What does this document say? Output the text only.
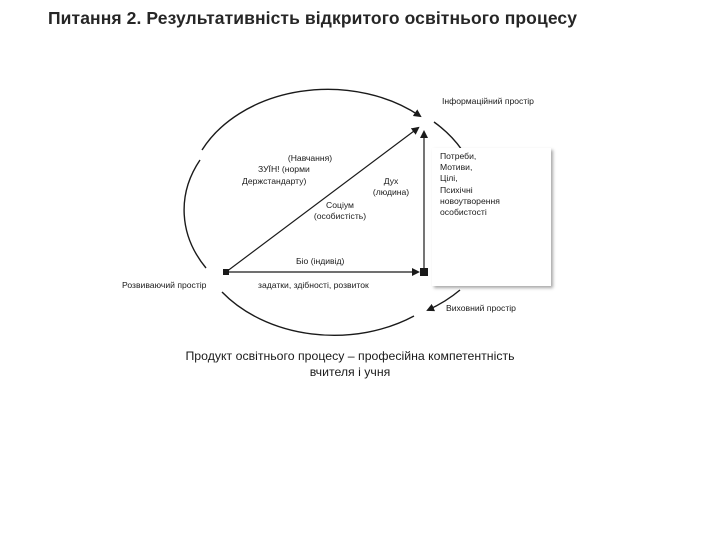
Питання 2. Результативність відкритого освітнього процесу
Потреби,
Мотиви,
Цілі,
Психічні
новоутворення
особистості
Інформаційний простір
Розвиваючий простір
Виховний простір
(Навчання)
ЗУЇН! (норми
Держстандарту)	Дух
(людина)
Соціум
(особистість)
Біо (індивід)
задатки, здібності, розвиток
Продукт освітнього процесу – професійна компетентність
вчителя і учня
